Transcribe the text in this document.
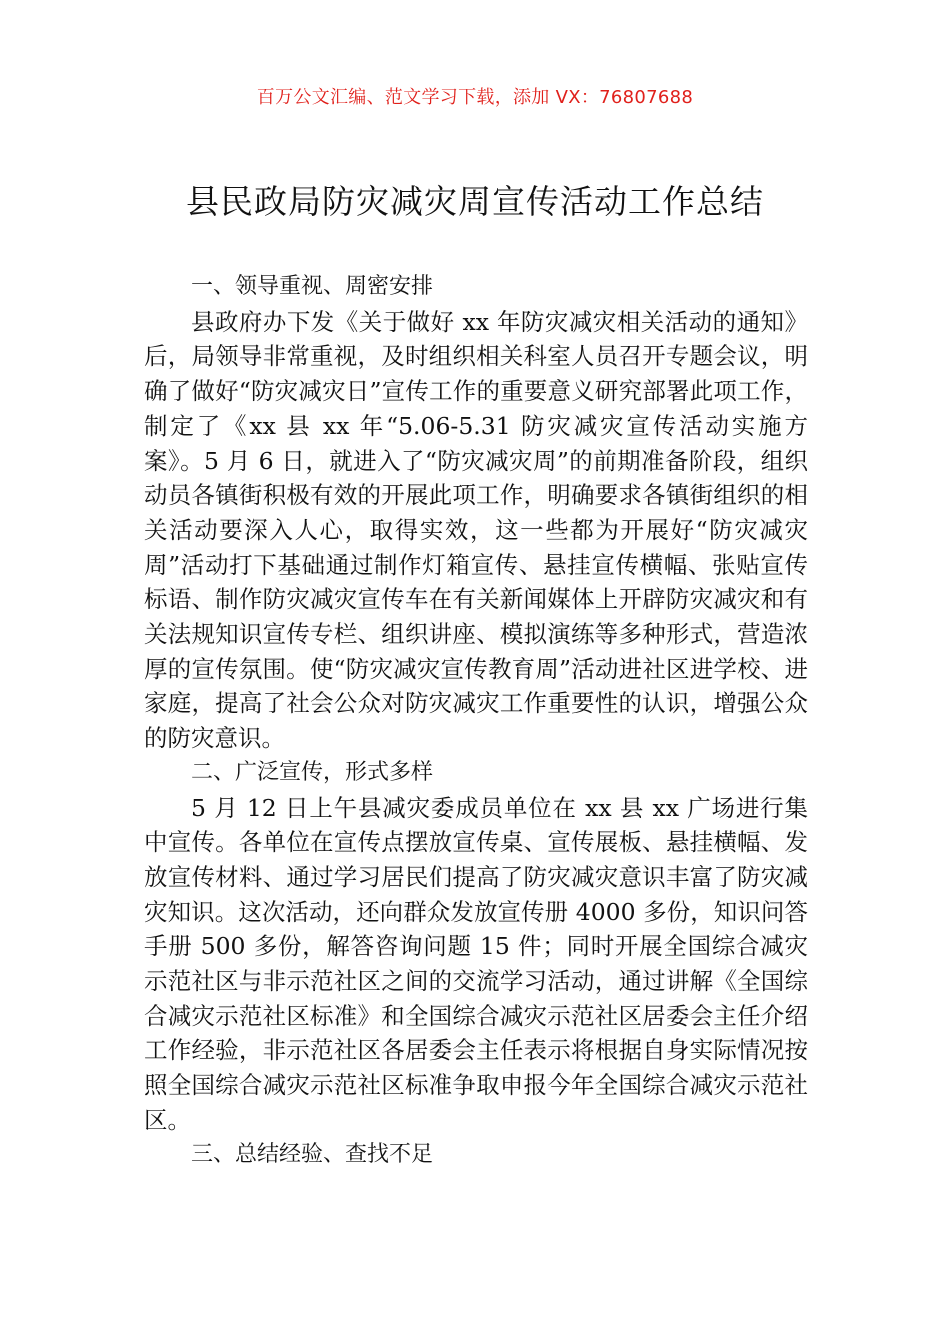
百万公文汇编、范文学习下载，添加 VX：76807688
县民政局防灾减灾周宣传活动工作总结

一、领导重视、周密安排

县政府办下发《关于做好 xx 年防灾减灾相关活动的通知》后，局领导非常重视，及时组织相关科室人员召开专题会议，明确了做好“防灾减灾日”宣传工作的重要意义研究部署此项工作，制定了《xx 县 xx 年“5.06-5.31 防灾减灾宣传活动实施方案》。5 月 6 日，就进入了“防灾减灾周”的前期准备阶段，组织动员各镇街积极有效的开展此项工作，明确要求各镇街组织的相关活动要深入人心，取得实效，这一些都为开展好“防灾减灾周”活动打下基础通过制作灯箱宣传、悬挂宣传横幅、张贴宣传标语、制作防灾减灾宣传车在有关新闻媒体上开辟防灾减灾和有关法规知识宣传专栏、组织讲座、模拟演练等多种形式，营造浓厚的宣传氛围。使“防灾减灾宣传教育周”活动进社区进学校、进家庭，提高了社会公众对防灾减灾工作重要性的认识，增强公众的防灾意识。

二、广泛宣传，形式多样

5 月 12 日上午县减灾委成员单位在 xx 县 xx 广场进行集中宣传。各单位在宣传点摆放宣传桌、宣传展板、悬挂横幅、发放宣传材料、通过学习居民们提高了防灾减灾意识丰富了防灾减灾知识。这次活动，还向群众发放宣传册 4000 多份，知识问答手册 500 多份，解答咨询问题 15 件；同时开展全国综合减灾示范社区与非示范社区之间的交流学习活动，通过讲解《全国综合减灾示范社区标准》和全国综合减灾示范社区居委会主任介绍工作经验，非示范社区各居委会主任表示将根据自身实际情况按照全国综合减灾示范社区标准争取申报今年全国综合减灾示范社区。

三、总结经验、查找不足
